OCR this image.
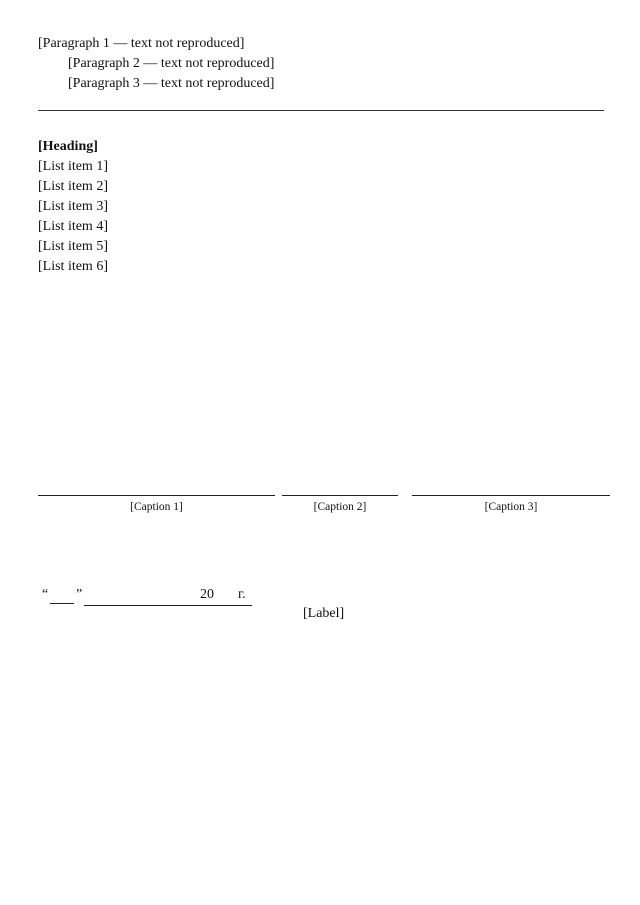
[Paragraph 1 — text not reproduced]

[Paragraph 2 — text not reproduced]

[Paragraph 3 — text not reproduced]

[Heading]

[List item 1]

[List item 2]

[List item 3]

[List item 4]

[List item 5]

[List item 6]

[Caption 1]	[Caption 2]	[Caption 3]
“ ”	20 г.
[Label]
